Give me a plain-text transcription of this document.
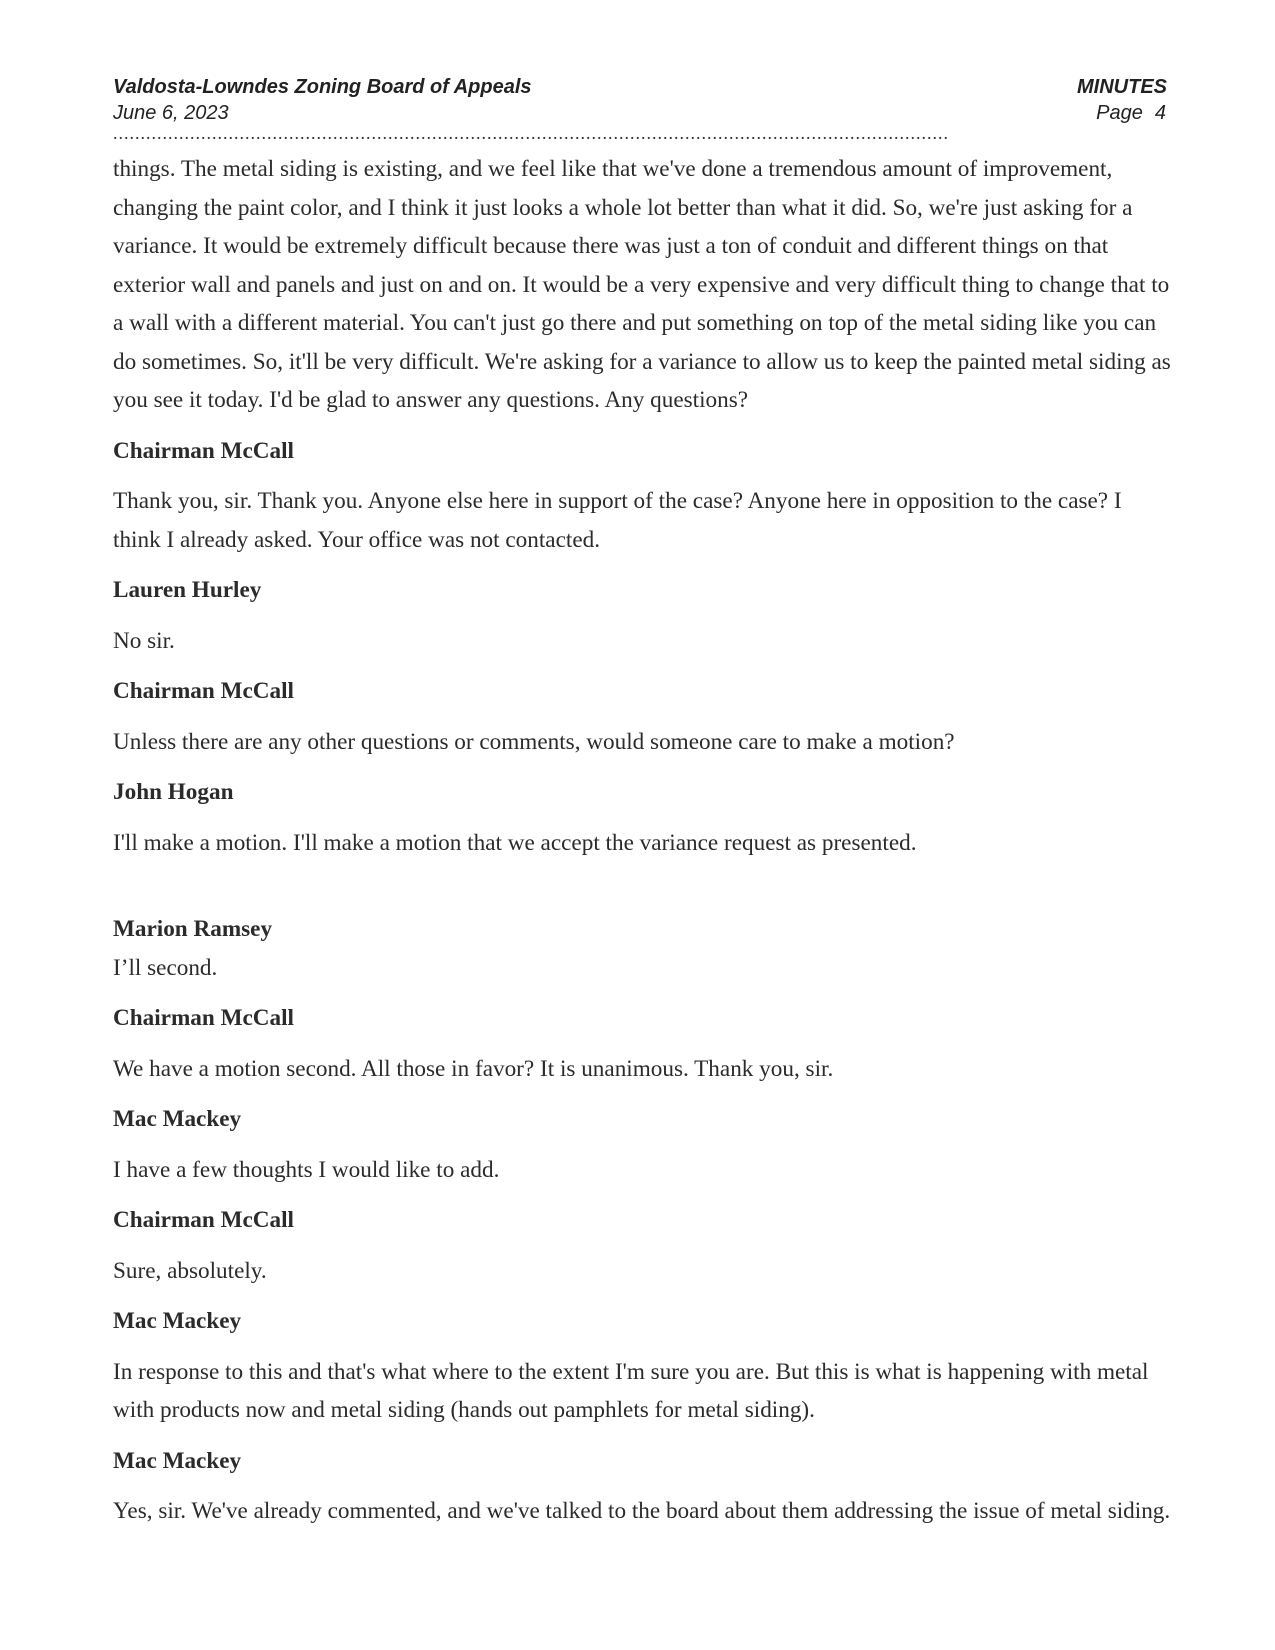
Valdosta-Lowndes Zoning Board of Appeals	MINUTES
June 6, 2023	Page 4
........................................................................................................................................................

things. The metal siding is existing, and we feel like that we've done a tremendous amount of improvement, changing the paint color, and I think it just looks a whole lot better than what it did. So, we're just asking for a variance. It would be extremely difficult because there was just a ton of conduit and different things on that exterior wall and panels and just on and on. It would be a very expensive and very difficult thing to change that to a wall with a different material. You can't just go there and put something on top of the metal siding like you can do sometimes. So, it'll be very difficult. We're asking for a variance to allow us to keep the painted metal siding as you see it today. I'd be glad to answer any questions. Any questions?

Chairman McCall

Thank you, sir. Thank you. Anyone else here in support of the case? Anyone here in opposition to the case? I think I already asked. Your office was not contacted.

Lauren Hurley

No sir.

Chairman McCall

Unless there are any other questions or comments, would someone care to make a motion?

John Hogan

I'll make a motion. I'll make a motion that we accept the variance request as presented.

Marion Ramsey

I’ll second.

Chairman McCall

We have a motion second. All those in favor? It is unanimous. Thank you, sir.

Mac Mackey

I have a few thoughts I would like to add.

Chairman McCall

Sure, absolutely.

Mac Mackey

In response to this and that's what where to the extent I'm sure you are. But this is what is happening with metal with products now and metal siding (hands out pamphlets for metal siding).

Mac Mackey

Yes, sir. We've already commented, and we've talked to the board about them addressing the issue of metal siding.
